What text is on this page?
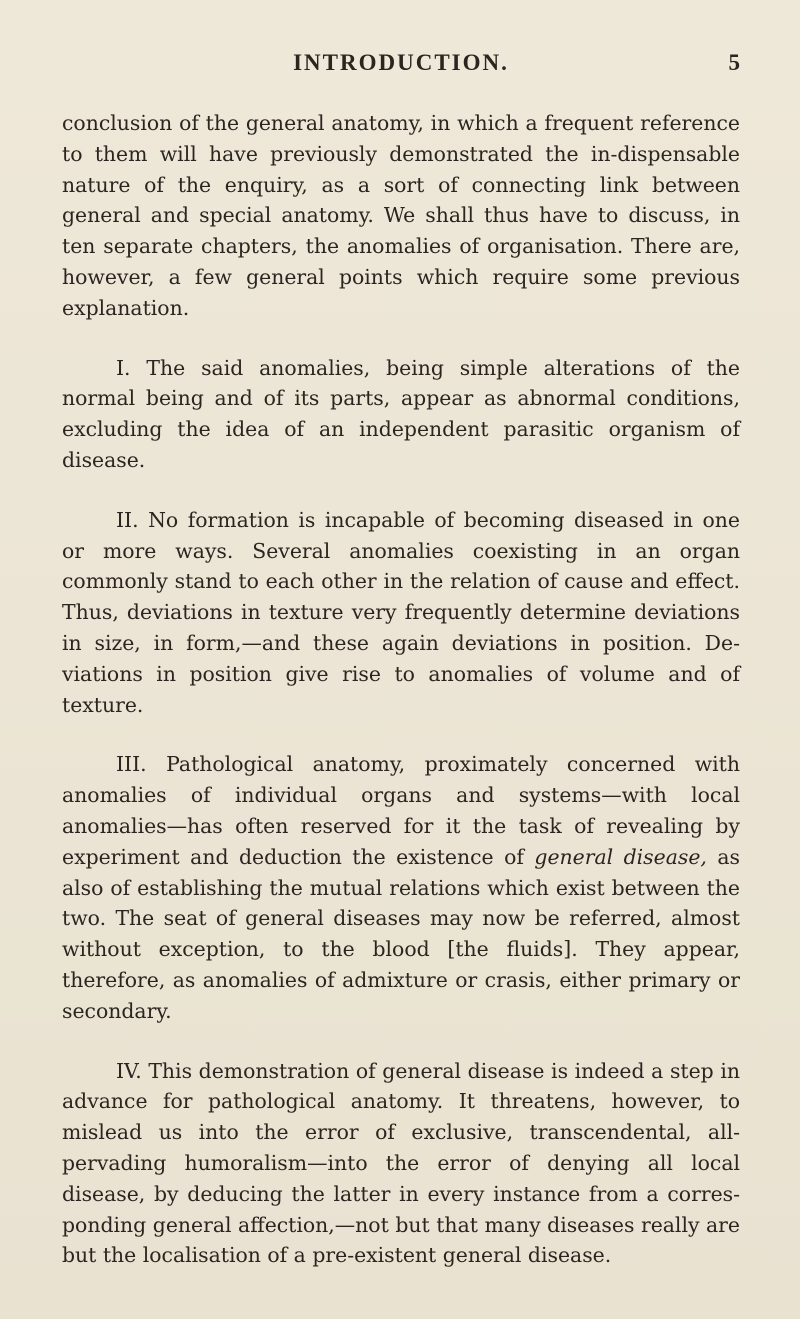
INTRODUCTION.	5

conclusion of the general anatomy, in which a frequent reference to them will have previously demonstrated the in-dispensable nature of the enquiry, as a sort of connecting link between general and special anatomy. We shall thus have to discuss, in ten separate chapters, the anomalies of organisation. There are, however, a few general points which require some previous explanation.

I. The said anomalies, being simple alterations of the normal being and of its parts, appear as abnormal conditions, excluding the idea of an independent parasitic organism of disease.

II. No formation is incapable of becoming diseased in one or more ways. Several anomalies coexisting in an organ commonly stand to each other in the relation of cause and effect. Thus, deviations in texture very frequently determine deviations in size, in form,—and these again deviations in position. De-viations in position give rise to anomalies of volume and of texture.

III. Pathological anatomy, proximately concerned with anomalies of individual organs and systems—with local anomalies—has often reserved for it the task of revealing by experiment and deduction the existence of general disease, as also of establishing the mutual relations which exist between the two. The seat of general diseases may now be referred, almost without exception, to the blood [the fluids]. They appear, therefore, as anomalies of admixture or crasis, either primary or secondary.

IV. This demonstration of general disease is indeed a step in advance for pathological anatomy. It threatens, however, to mislead us into the error of exclusive, transcendental, all-pervading humoralism—into the error of denying all local disease, by deducing the latter in every instance from a corres-ponding general affection,—not but that many diseases really are but the localisation of a pre-existent general disease.
